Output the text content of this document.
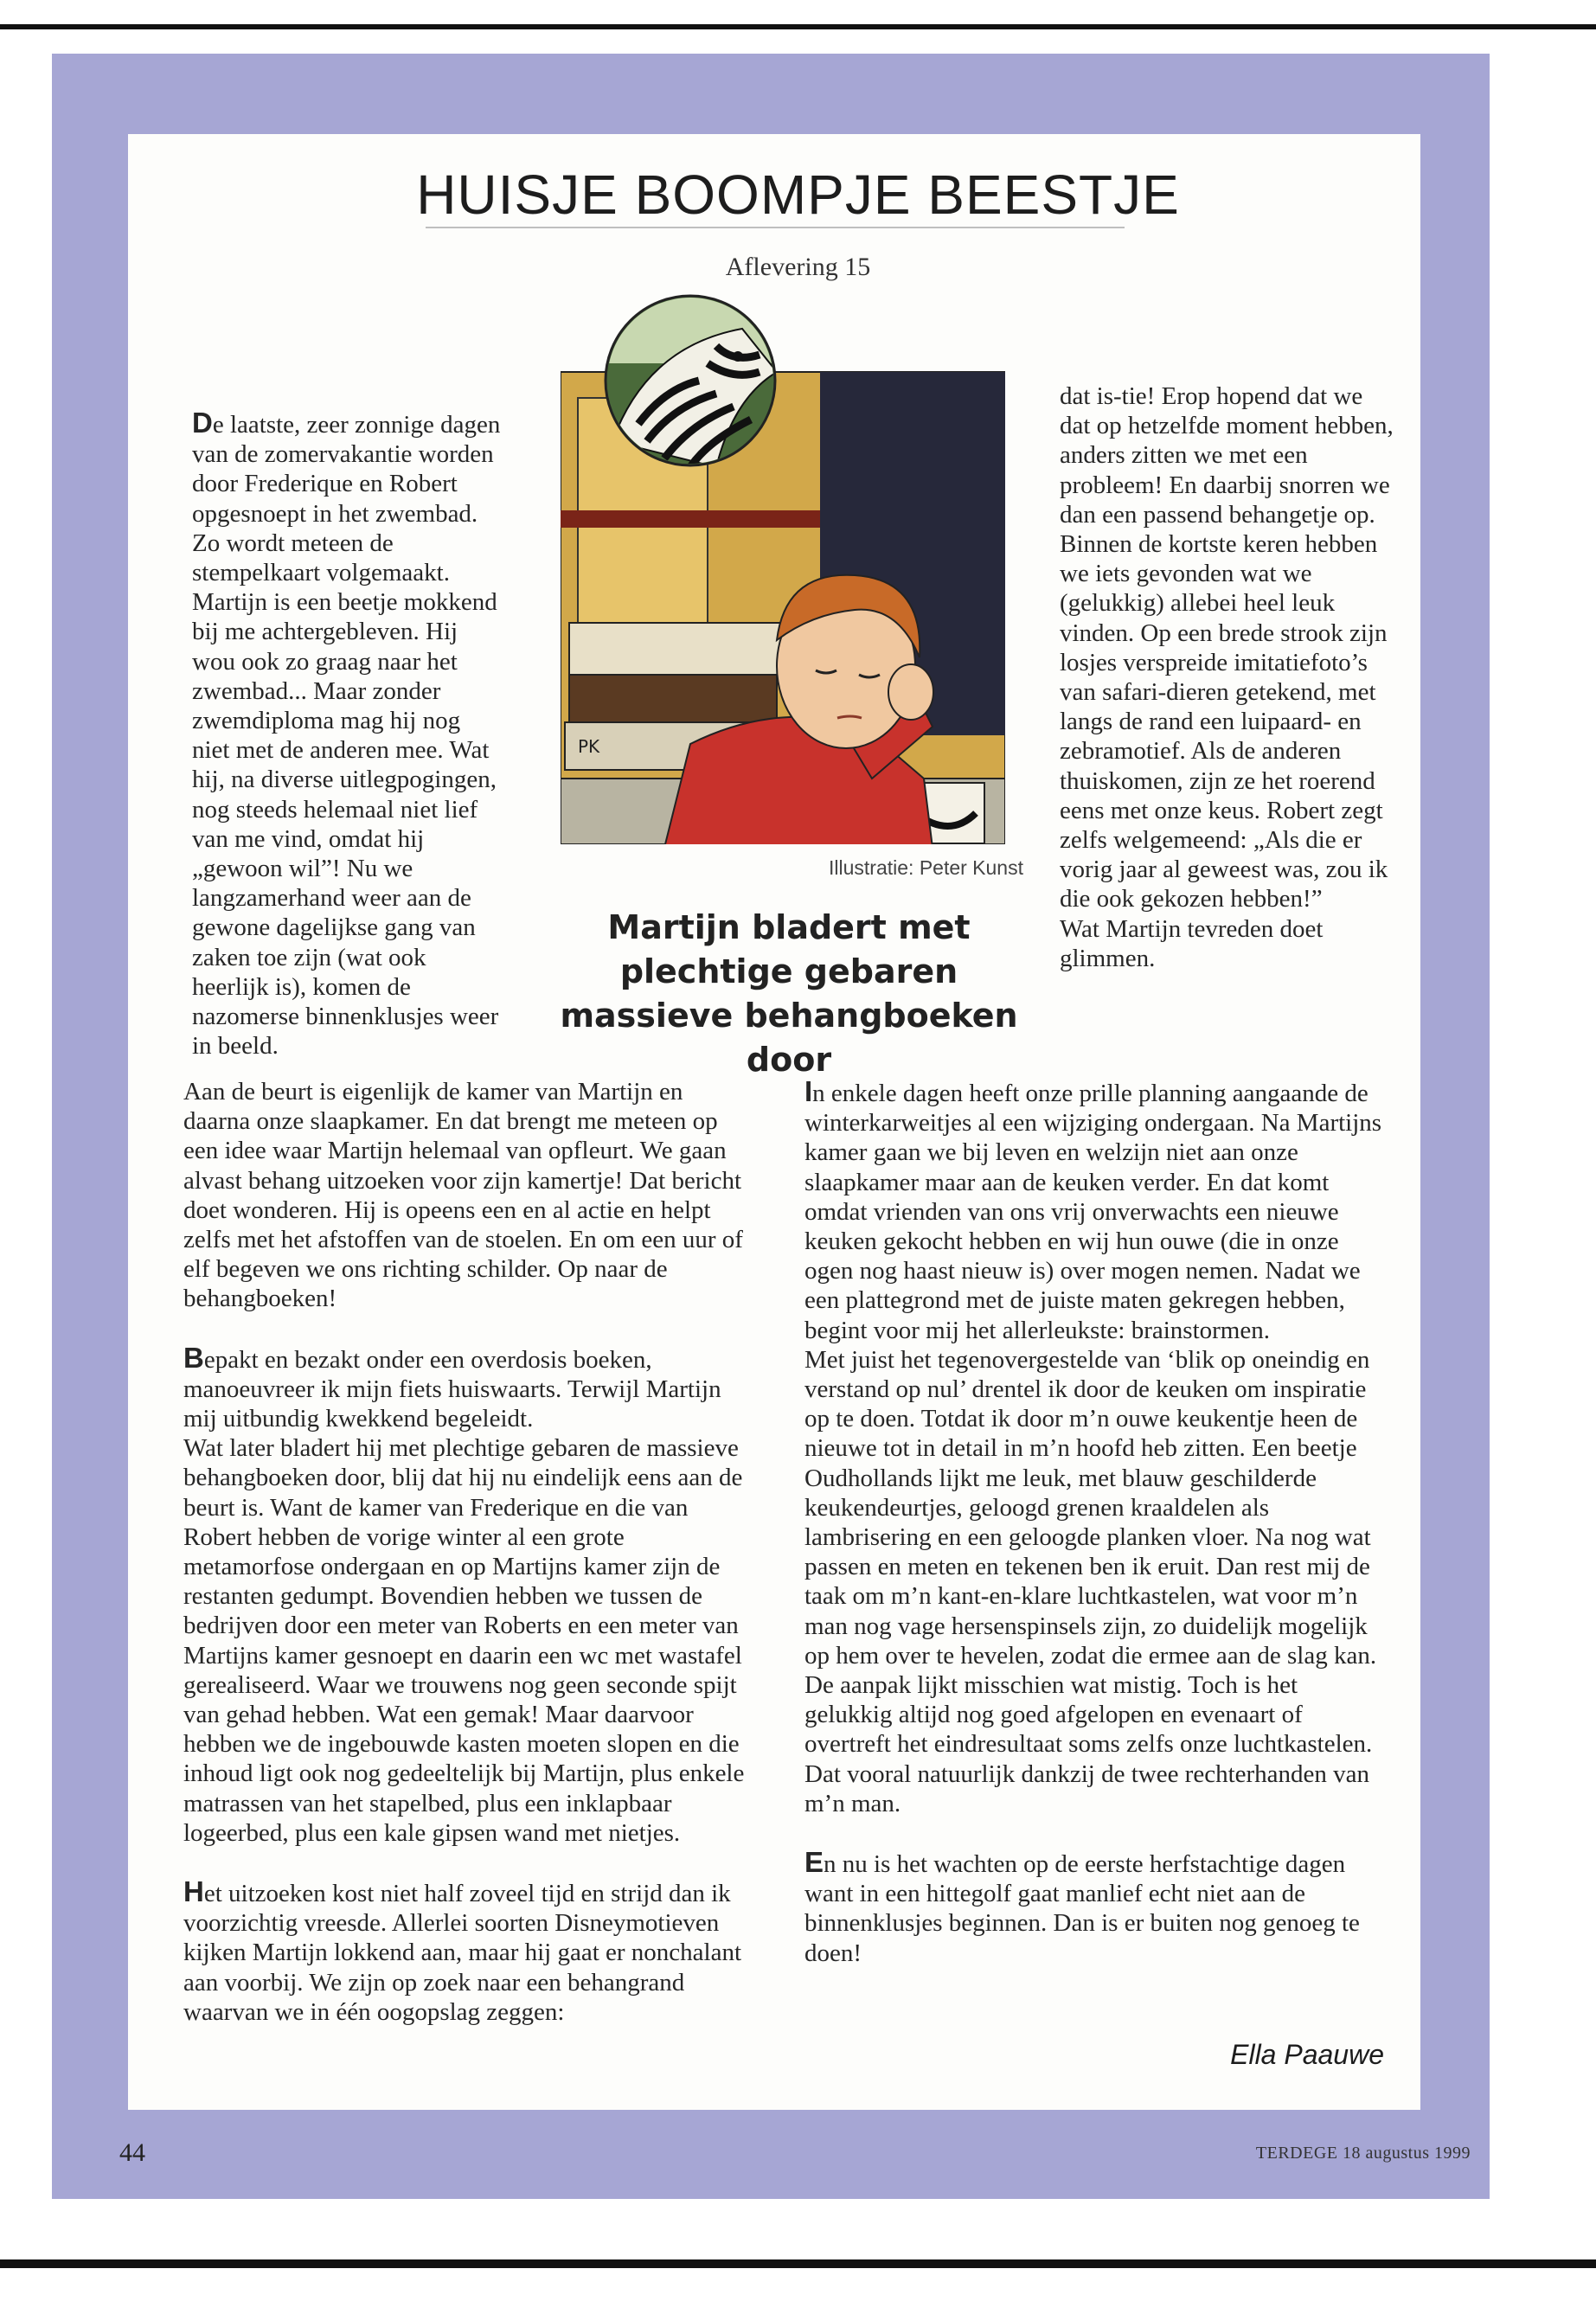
HUISJE BOOMPJE BEESTJE
Aflevering 15

De laatste, zeer zonnige dagen van de zomervakantie worden door Frederique en Robert opgesnoept in het zwembad. Zo wordt meteen de stempelkaart volgemaakt. Martijn is een beetje mokkend bij me achtergebleven. Hij wou ook zo graag naar het zwembad... Maar zonder zwemdiploma mag hij nog niet met de anderen mee. Wat hij, na diverse uitlegpogingen, nog steeds helemaal niet lief van me vind, omdat hij „gewoon wil”! Nu we langzamerhand weer aan de gewone dagelijkse gang van zaken toe zijn (wat ook heerlijk is), komen de nazomerse binnenklusjes weer in beeld.

PK
Illustratie: Peter Kunst

dat is-tie! Erop hopend dat we dat op hetzelfde moment hebben, anders zitten we met een probleem! En daarbij snorren we dan een passend behangetje op. Binnen de kortste keren hebben we iets gevonden wat we (gelukkig) allebei heel leuk vinden. Op een brede strook zijn losjes verspreide imitatiefoto’s van safari-dieren getekend, met langs de rand een luipaard- en zebramotief. Als de anderen thuiskomen, zijn ze het roerend eens met onze keus. Robert zegt zelfs welgemeend: „Als die er vorig jaar al geweest was, zou ik die ook gekozen hebben!”

Wat Martijn tevreden doet glimmen.

Martijn bladert met plechtige gebaren massieve behangboeken door

Aan de beurt is eigenlijk de kamer van Martijn en daarna onze slaapkamer. En dat brengt me meteen op een idee waar Martijn helemaal van opfleurt. We gaan alvast behang uitzoeken voor zijn kamertje! Dat bericht doet wonderen. Hij is opeens een en al actie en helpt zelfs met het afstoffen van de stoelen. En om een uur of elf begeven we ons richting schilder. Op naar de behangboeken!

Bepakt en bezakt onder een overdosis boeken, manoeuvreer ik mijn fiets huiswaarts. Terwijl Martijn mij uitbundig kwekkend begeleidt.

Wat later bladert hij met plechtige gebaren de massieve behangboeken door, blij dat hij nu eindelijk eens aan de beurt is. Want de kamer van Frederique en die van Robert hebben de vorige winter al een grote metamorfose ondergaan en op Martijns kamer zijn de restanten gedumpt. Bovendien hebben we tussen de bedrijven door een meter van Roberts en een meter van Martijns kamer gesnoept en daarin een wc met wastafel gerealiseerd. Waar we trouwens nog geen seconde spijt van gehad hebben. Wat een gemak! Maar daarvoor hebben we de ingebouwde kasten moeten slopen en die inhoud ligt ook nog gedeeltelijk bij Martijn, plus enkele matrassen van het stapelbed, plus een inklapbaar logeerbed, plus een kale gipsen wand met nietjes.

Het uitzoeken kost niet half zoveel tijd en strijd dan ik voorzichtig vreesde. Allerlei soorten Disneymotieven kijken Martijn lokkend aan, maar hij gaat er nonchalant aan voorbij. We zijn op zoek naar een behangrand waarvan we in één oogopslag zeggen:

In enkele dagen heeft onze prille planning aangaande de winterkarweitjes al een wijziging ondergaan. Na Martijns kamer gaan we bij leven en welzijn niet aan onze slaapkamer maar aan de keuken verder. En dat komt omdat vrienden van ons vrij onverwachts een nieuwe keuken gekocht hebben en wij hun ouwe (die in onze ogen nog haast nieuw is) over mogen nemen. Nadat we een plattegrond met de juiste maten gekregen hebben, begint voor mij het allerleukste: brainstormen.

Met juist het tegenovergestelde van ‘blik op oneindig en verstand op nul’ drentel ik door de keuken om inspiratie op te doen. Totdat ik door m’n ouwe keukentje heen de nieuwe tot in detail in m’n hoofd heb zitten. Een beetje Oudhollands lijkt me leuk, met blauw geschilderde keukendeurtjes, geloogd grenen kraaldelen als lambrisering en een geloogde planken vloer. Na nog wat passen en meten en tekenen ben ik eruit. Dan rest mij de taak om m’n kant-en-klare luchtkastelen, wat voor m’n man nog vage hersenspinsels zijn, zo duidelijk mogelijk op hem over te hevelen, zodat die ermee aan de slag kan.

De aanpak lijkt misschien wat mistig. Toch is het gelukkig altijd nog goed afgelopen en evenaart of overtreft het eindresultaat soms zelfs onze luchtkastelen. Dat vooral natuurlijk dankzij de twee rechterhanden van m’n man.

En nu is het wachten op de eerste herfstachtige dagen want in een hittegolf gaat manlief echt niet aan de binnenklusjes beginnen. Dan is er buiten nog genoeg te doen!

Ella Paauwe
44	TERDEGE 18 augustus 1999
